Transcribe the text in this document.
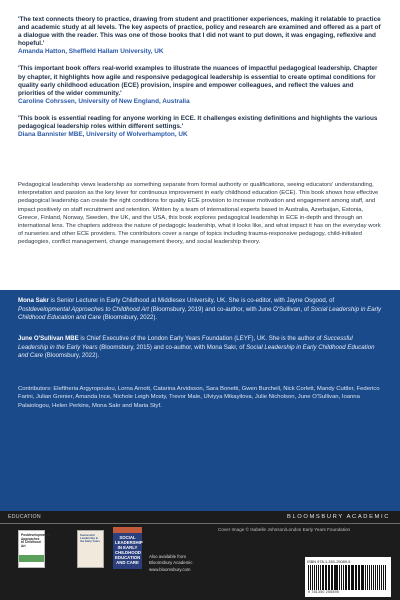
'The text connects theory to practice, drawing from student and practitioner experiences, making it relatable to practice and academic study at all levels. The key aspects of practice, policy and research are examined and offered as a part of a dialogue with the reader. This was one of those books that I did not want to put down, it was engaging, reflexive and hopeful.'
Amanda Hatton, Sheffield Hallam University, UK
'This important book offers real-world examples to illustrate the nuances of impactful pedagogical leadership. Chapter by chapter, it highlights how agile and responsive pedagogical leadership is essential to create optimal conditions for quality early childhood education (ECE) provision, inspire and empower colleagues, and reflect the values and priorities of the wider community.'
Caroline Cohrssen, University of New England, Australia
'This book is essential reading for anyone working in ECE. It challenges existing definitions and highlights the various pedagogical leadership roles within different settings.'
Diana Bannister MBE, University of Wolverhampton, UK
Pedagogical leadership views leadership as something separate from formal authority or qualifications, seeing educators' understanding, interpretation and passion as the key lever for continuous improvement in early childhood education (ECE). This book shows how effective pedagogical leadership can create the right conditions for quality ECE provision to increase motivation and engagement among staff, and impact positively on staff recruitment and retention. Written by a team of international experts based in Australia, Azerbaijan, Estonia, Greece, Finland, Norway, Sweden, the UK, and the USA, this book explores pedagogical leadership in ECE in-depth and through an international lens. The chapters address the nature of pedagogic leadership, what it looks like, and what impact it has on the everyday work of nurseries and other ECE providers. The contributors cover a range of topics including trauma-responsive pedagogy, child-initiated pedagogies, conflict management, change management theory, and social leadership theory.
Mona Sakr is Senior Lecturer in Early Childhood at Middlesex University, UK. She is co-editor, with Jayne Osgood, of Postdevelopmental Approaches to Childhood Art (Bloomsbury, 2019) and co-author, with June O'Sullivan, of Social Leadership in Early Childhood Education and Care (Bloomsbury, 2022).
June O'Sullivan MBE is Chief Executive of the London Early Years Foundation (LEYF), UK. She is the author of Successful Leadership in the Early Years (Bloomsbury, 2015) and co-author, with Mona Sakr, of Social Leadership in Early Childhood Education and Care (Bloomsbury, 2022).
Contributors: Eleftheria Argyropoulou, Lorna Arnott, Catarina Arvidsson, Sara Bonetti, Gwen Burchell, Nick Corlett, Mandy Cuttler, Federico Farini, Julian Grenier, Amanda Ince, Nichole Leigh Mosty, Trevor Male, Ulviyya Mikayilova, Julie Nicholson, June O'Sullivan, Ioanna Palaiologou, Helen Perkins, Mona Sakr and Maria Styf.
EDUCATION	BLOOMSBURY ACADEMIC
Cover Image © Isabelle Johnson/London Early Years Foundation
Postdevelopmental Approaches to Childhood Art
Successful Leadership in the Early Years
SOCIAL LEADERSHIP IN EARLY CHILDHOOD EDUCATION AND CARE
Also available from
Bloomsbury Academic
www.bloomsbury.com
ISBN 978-1-350-25089-5
9 781350 250895
